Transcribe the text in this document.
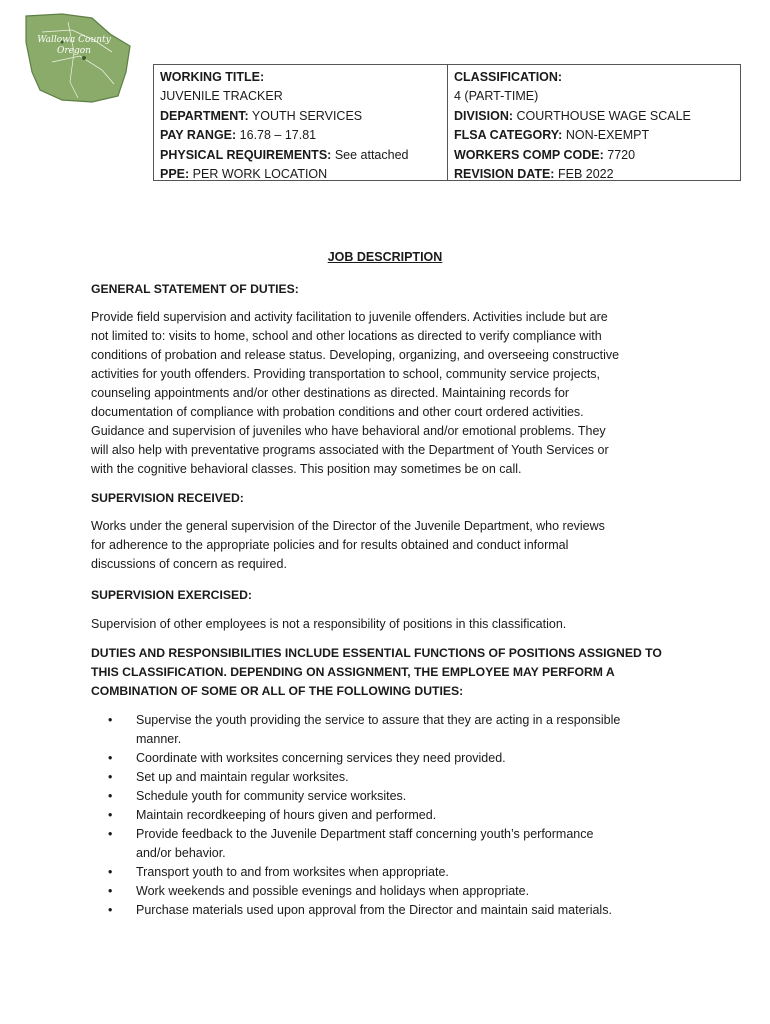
Wallowa County
Oregon
WORKING TITLE:
JUVENILE TRACKER
DEPARTMENT: YOUTH SERVICES
PAY RANGE: 16.78 – 17.81
PHYSICAL REQUIREMENTS: See attached
PPE: PER WORK LOCATION
CLASSIFICATION:
4 (PART-TIME)
DIVISION: COURTHOUSE WAGE SCALE
FLSA CATEGORY: NON-EXEMPT
WORKERS COMP CODE: 7720
REVISION DATE: FEB 2022
JOB DESCRIPTION
GENERAL STATEMENT OF DUTIES:
Provide field supervision and activity facilitation to juvenile offenders. Activities include but are
not limited to: visits to home, school and other locations as directed to verify compliance with
conditions of probation and release status. Developing, organizing, and overseeing constructive
activities for youth offenders. Providing transportation to school, community service projects,
counseling appointments and/or other destinations as directed. Maintaining records for
documentation of compliance with probation conditions and other court ordered activities.
Guidance and supervision of juveniles who have behavioral and/or emotional problems. They
will also help with preventative programs associated with the Department of Youth Services or
with the cognitive behavioral classes. This position may sometimes be on call.
SUPERVISION RECEIVED:
Works under the general supervision of the Director of the Juvenile Department, who reviews
for adherence to the appropriate policies and for results obtained and conduct informal
discussions of concern as required.
SUPERVISION EXERCISED:
Supervision of other employees is not a responsibility of positions in this classification.
DUTIES AND RESPONSIBILITIES INCLUDE ESSENTIAL FUNCTIONS OF POSITIONS ASSIGNED TO
THIS CLASSIFICATION. DEPENDING ON ASSIGNMENT, THE EMPLOYEE MAY PERFORM A
COMBINATION OF SOME OR ALL OF THE FOLLOWING DUTIES:
• Supervise the youth providing the service to assure that they are acting in a responsible
manner.
• Coordinate with worksites concerning services they need provided.
• Set up and maintain regular worksites.
• Schedule youth for community service worksites.
• Maintain recordkeeping of hours given and performed.
• Provide feedback to the Juvenile Department staff concerning youth’s performance
and/or behavior.
• Transport youth to and from worksites when appropriate.
• Work weekends and possible evenings and holidays when appropriate.
• Purchase materials used upon approval from the Director and maintain said materials.
